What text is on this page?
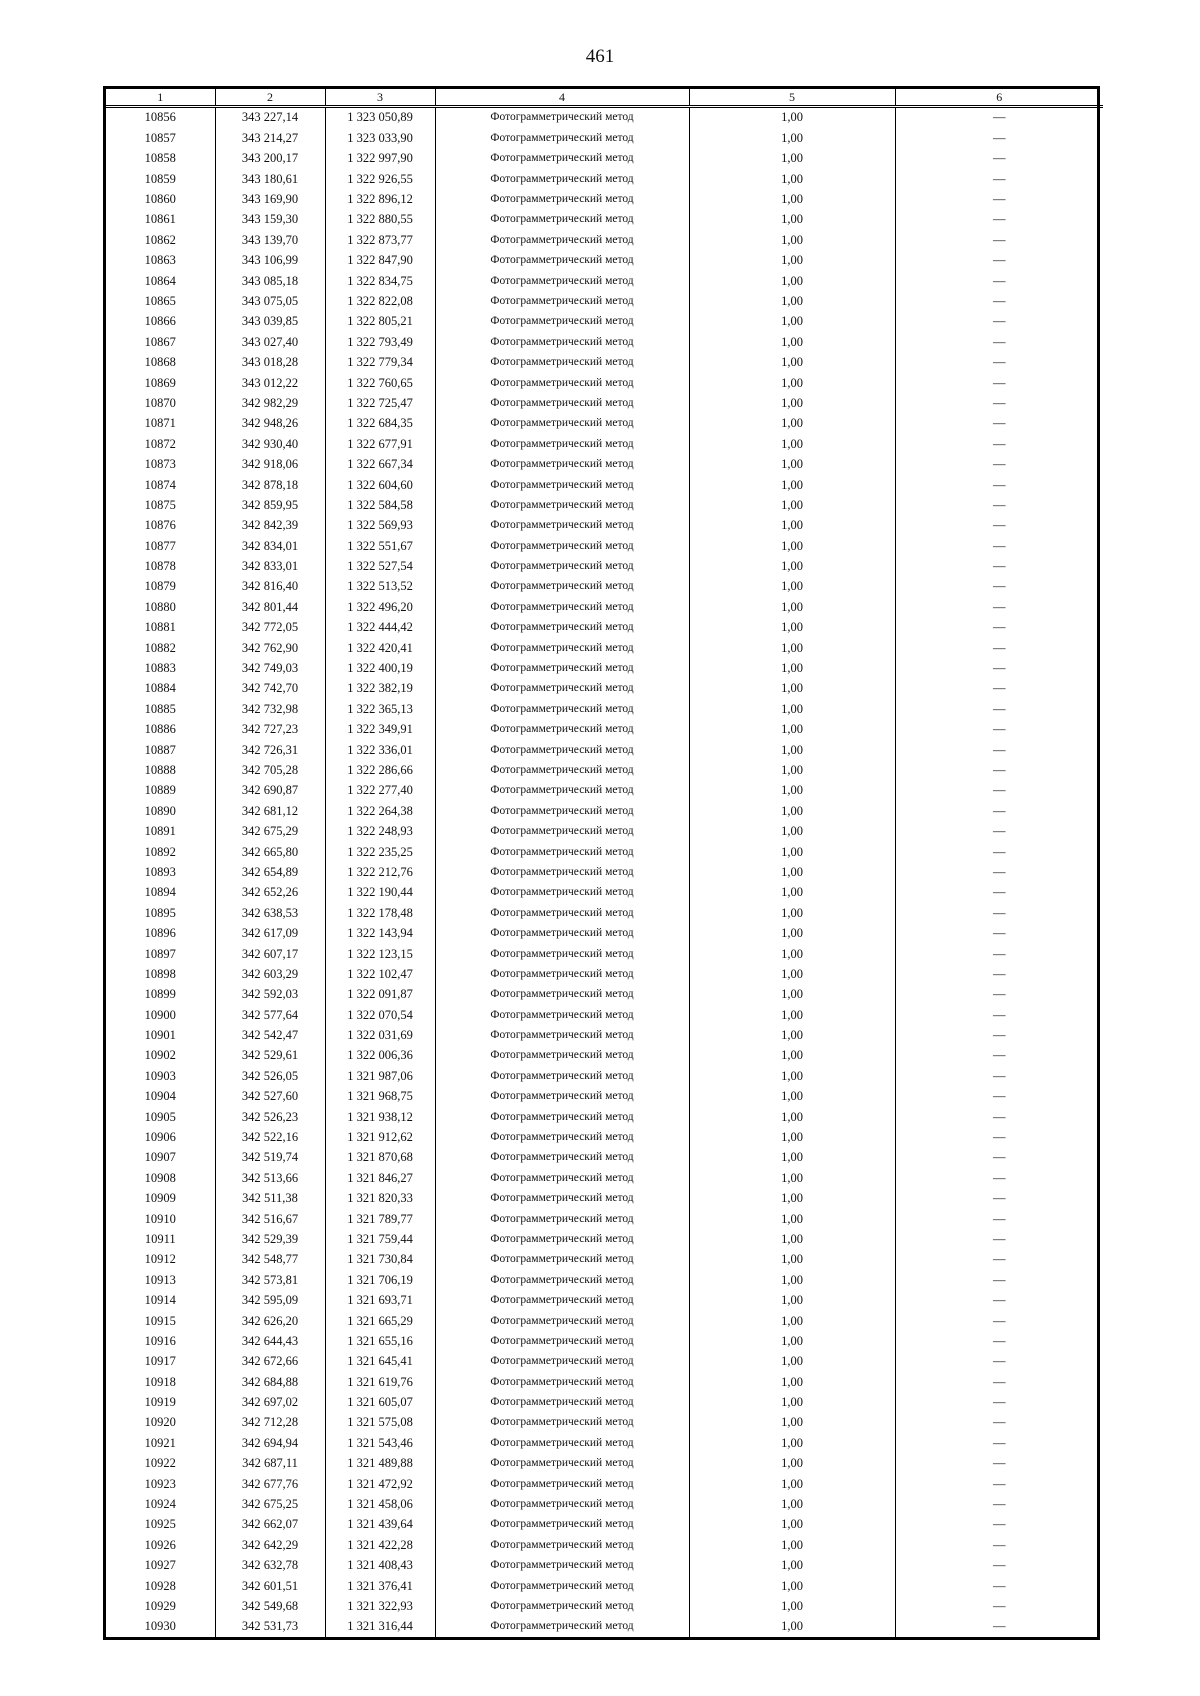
461
1	2	3	4	5	6
10856	343 227,14	1 323 050,89	Фотограмметрический метод	1,00	—
10857	343 214,27	1 323 033,90	Фотограмметрический метод	1,00	—
10858	343 200,17	1 322 997,90	Фотограмметрический метод	1,00	—
10859	343 180,61	1 322 926,55	Фотограмметрический метод	1,00	—
10860	343 169,90	1 322 896,12	Фотограмметрический метод	1,00	—
10861	343 159,30	1 322 880,55	Фотограмметрический метод	1,00	—
10862	343 139,70	1 322 873,77	Фотограмметрический метод	1,00	—
10863	343 106,99	1 322 847,90	Фотограмметрический метод	1,00	—
10864	343 085,18	1 322 834,75	Фотограмметрический метод	1,00	—
10865	343 075,05	1 322 822,08	Фотограмметрический метод	1,00	—
10866	343 039,85	1 322 805,21	Фотограмметрический метод	1,00	—
10867	343 027,40	1 322 793,49	Фотограмметрический метод	1,00	—
10868	343 018,28	1 322 779,34	Фотограмметрический метод	1,00	—
10869	343 012,22	1 322 760,65	Фотограмметрический метод	1,00	—
10870	342 982,29	1 322 725,47	Фотограмметрический метод	1,00	—
10871	342 948,26	1 322 684,35	Фотограмметрический метод	1,00	—
10872	342 930,40	1 322 677,91	Фотограмметрический метод	1,00	—
10873	342 918,06	1 322 667,34	Фотограмметрический метод	1,00	—
10874	342 878,18	1 322 604,60	Фотограмметрический метод	1,00	—
10875	342 859,95	1 322 584,58	Фотограмметрический метод	1,00	—
10876	342 842,39	1 322 569,93	Фотограмметрический метод	1,00	—
10877	342 834,01	1 322 551,67	Фотограмметрический метод	1,00	—
10878	342 833,01	1 322 527,54	Фотограмметрический метод	1,00	—
10879	342 816,40	1 322 513,52	Фотограмметрический метод	1,00	—
10880	342 801,44	1 322 496,20	Фотограмметрический метод	1,00	—
10881	342 772,05	1 322 444,42	Фотограмметрический метод	1,00	—
10882	342 762,90	1 322 420,41	Фотограмметрический метод	1,00	—
10883	342 749,03	1 322 400,19	Фотограмметрический метод	1,00	—
10884	342 742,70	1 322 382,19	Фотограмметрический метод	1,00	—
10885	342 732,98	1 322 365,13	Фотограмметрический метод	1,00	—
10886	342 727,23	1 322 349,91	Фотограмметрический метод	1,00	—
10887	342 726,31	1 322 336,01	Фотограмметрический метод	1,00	—
10888	342 705,28	1 322 286,66	Фотограмметрический метод	1,00	—
10889	342 690,87	1 322 277,40	Фотограмметрический метод	1,00	—
10890	342 681,12	1 322 264,38	Фотограмметрический метод	1,00	—
10891	342 675,29	1 322 248,93	Фотограмметрический метод	1,00	—
10892	342 665,80	1 322 235,25	Фотограмметрический метод	1,00	—
10893	342 654,89	1 322 212,76	Фотограмметрический метод	1,00	—
10894	342 652,26	1 322 190,44	Фотограмметрический метод	1,00	—
10895	342 638,53	1 322 178,48	Фотограмметрический метод	1,00	—
10896	342 617,09	1 322 143,94	Фотограмметрический метод	1,00	—
10897	342 607,17	1 322 123,15	Фотограмметрический метод	1,00	—
10898	342 603,29	1 322 102,47	Фотограмметрический метод	1,00	—
10899	342 592,03	1 322 091,87	Фотограмметрический метод	1,00	—
10900	342 577,64	1 322 070,54	Фотограмметрический метод	1,00	—
10901	342 542,47	1 322 031,69	Фотограмметрический метод	1,00	—
10902	342 529,61	1 322 006,36	Фотограмметрический метод	1,00	—
10903	342 526,05	1 321 987,06	Фотограмметрический метод	1,00	—
10904	342 527,60	1 321 968,75	Фотограмметрический метод	1,00	—
10905	342 526,23	1 321 938,12	Фотограмметрический метод	1,00	—
10906	342 522,16	1 321 912,62	Фотограмметрический метод	1,00	—
10907	342 519,74	1 321 870,68	Фотограмметрический метод	1,00	—
10908	342 513,66	1 321 846,27	Фотограмметрический метод	1,00	—
10909	342 511,38	1 321 820,33	Фотограмметрический метод	1,00	—
10910	342 516,67	1 321 789,77	Фотограмметрический метод	1,00	—
10911	342 529,39	1 321 759,44	Фотограмметрический метод	1,00	—
10912	342 548,77	1 321 730,84	Фотограмметрический метод	1,00	—
10913	342 573,81	1 321 706,19	Фотограмметрический метод	1,00	—
10914	342 595,09	1 321 693,71	Фотограмметрический метод	1,00	—
10915	342 626,20	1 321 665,29	Фотограмметрический метод	1,00	—
10916	342 644,43	1 321 655,16	Фотограмметрический метод	1,00	—
10917	342 672,66	1 321 645,41	Фотограмметрический метод	1,00	—
10918	342 684,88	1 321 619,76	Фотограмметрический метод	1,00	—
10919	342 697,02	1 321 605,07	Фотограмметрический метод	1,00	—
10920	342 712,28	1 321 575,08	Фотограмметрический метод	1,00	—
10921	342 694,94	1 321 543,46	Фотограмметрический метод	1,00	—
10922	342 687,11	1 321 489,88	Фотограмметрический метод	1,00	—
10923	342 677,76	1 321 472,92	Фотограмметрический метод	1,00	—
10924	342 675,25	1 321 458,06	Фотограмметрический метод	1,00	—
10925	342 662,07	1 321 439,64	Фотограмметрический метод	1,00	—
10926	342 642,29	1 321 422,28	Фотограмметрический метод	1,00	—
10927	342 632,78	1 321 408,43	Фотограмметрический метод	1,00	—
10928	342 601,51	1 321 376,41	Фотограмметрический метод	1,00	—
10929	342 549,68	1 321 322,93	Фотограмметрический метод	1,00	—
10930	342 531,73	1 321 316,44	Фотограмметрический метод	1,00	—
